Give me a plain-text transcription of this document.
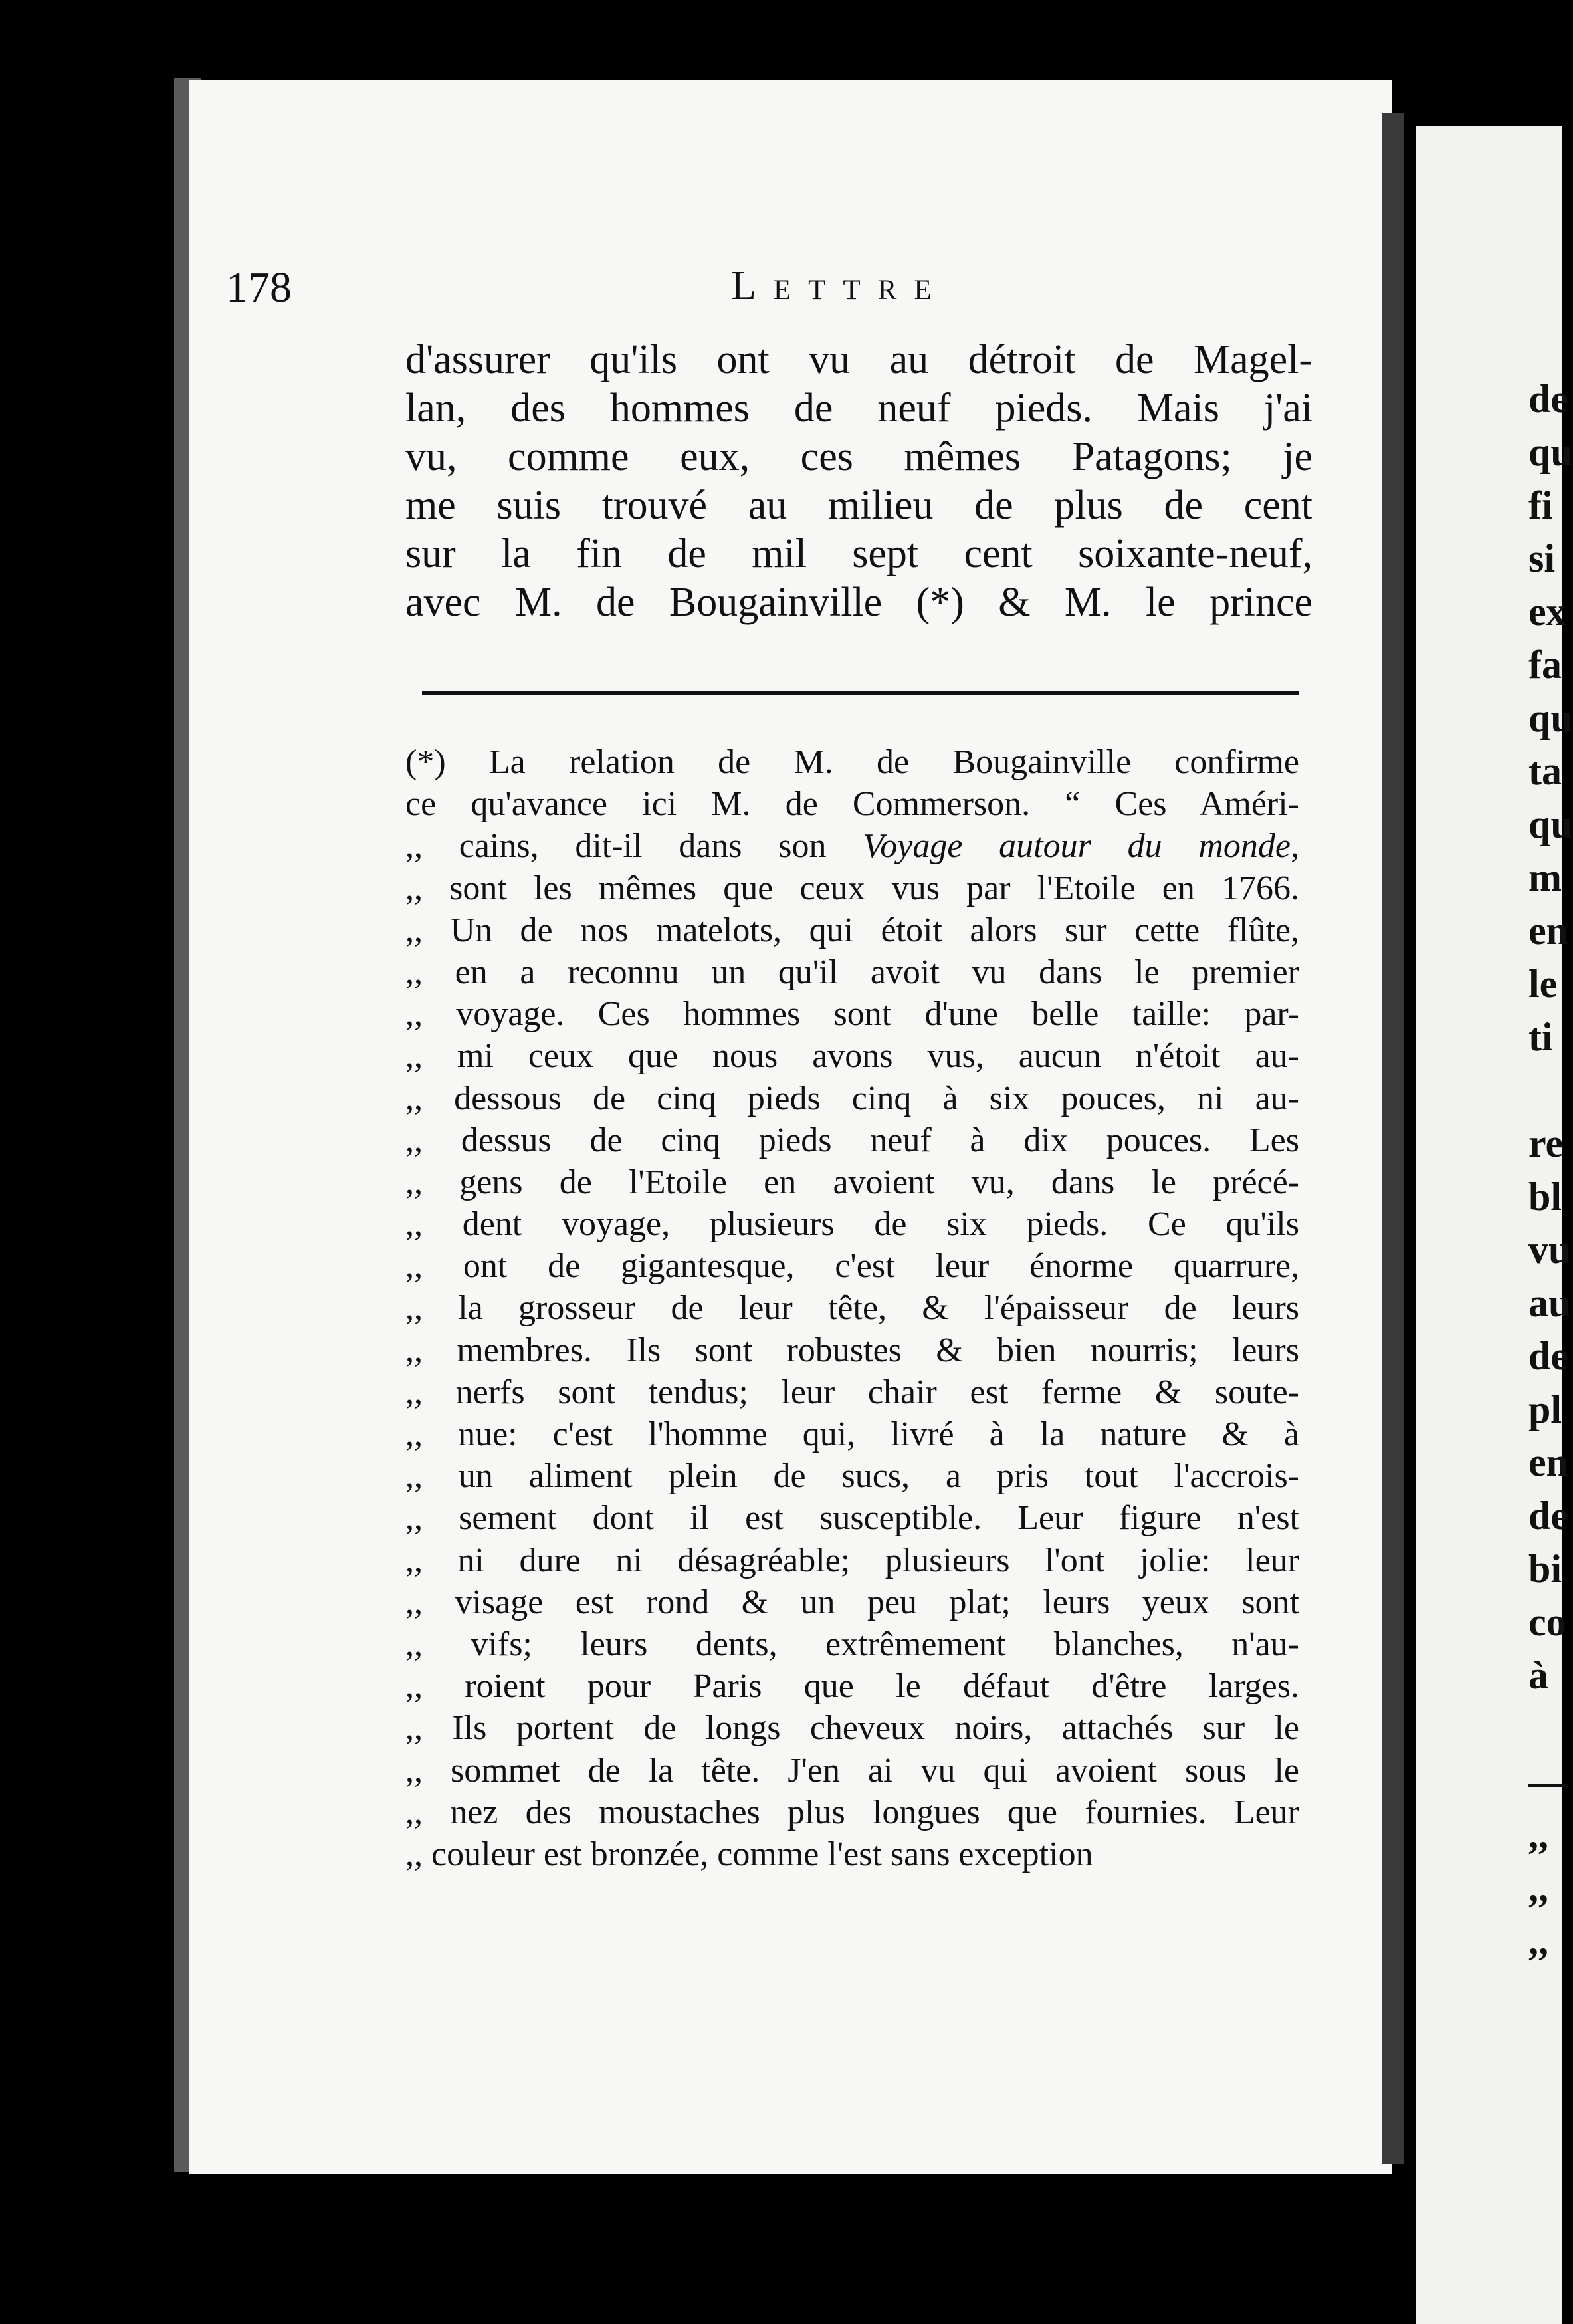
178	Lettre
d'assurer qu'ils ont vu au détroit de Magel-
lan, des hommes de neuf pieds. Mais j'ai
vu, comme eux, ces mêmes Patagons; je
me suis trouvé au milieu de plus de cent
sur la fin de mil sept cent soixante-neuf,
avec M. de Bougainville (*) & M. le prince
(*) La relation de M. de Bougainville confirme
ce qu'avance ici M. de Commerson. “ Ces Améri-
,, cains, dit-il dans son Voyage autour du monde,
,, sont les mêmes que ceux vus par l'Etoile en 1766.
,, Un de nos matelots, qui étoit alors sur cette flûte,
,, en a reconnu un qu'il avoit vu dans le premier
,, voyage. Ces hommes sont d'une belle taille: par-
,, mi ceux que nous avons vus, aucun n'étoit au-
,, dessous de cinq pieds cinq à six pouces, ni au-
,, dessus de cinq pieds neuf à dix pouces. Les
,, gens de l'Etoile en avoient vu, dans le précé-
,, dent voyage, plusieurs de six pieds. Ce qu'ils
,, ont de gigantesque, c'est leur énorme quarrure,
,, la grosseur de leur tête, & l'épaisseur de leurs
,, membres. Ils sont robustes & bien nourris; leurs
,, nerfs sont tendus; leur chair est ferme & soute-
,, nue: c'est l'homme qui, livré à la nature & à
,, un aliment plein de sucs, a pris tout l'accrois-
,, sement dont il est susceptible. Leur figure n'est
,, ni dure ni désagréable; plusieurs l'ont jolie: leur
,, visage est rond & un peu plat; leurs yeux sont
,, vifs; leurs dents, extrêmement blanches, n'au-
,, roient pour Paris que le défaut d'être larges.
,, Ils portent de longs cheveux noirs, attachés sur le
,, sommet de la tête. J'en ai vu qui avoient sous le
,, nez des moustaches plus longues que fournies. Leur
,, couleur est bronzée, comme l'est sans exception
de
qu
fi
si
ex
fa
qu
ta
qu
m
en
le
ti
re
bl
vu
au
de
pl
en
de
bi
co
à
—
,,
,,
,,
